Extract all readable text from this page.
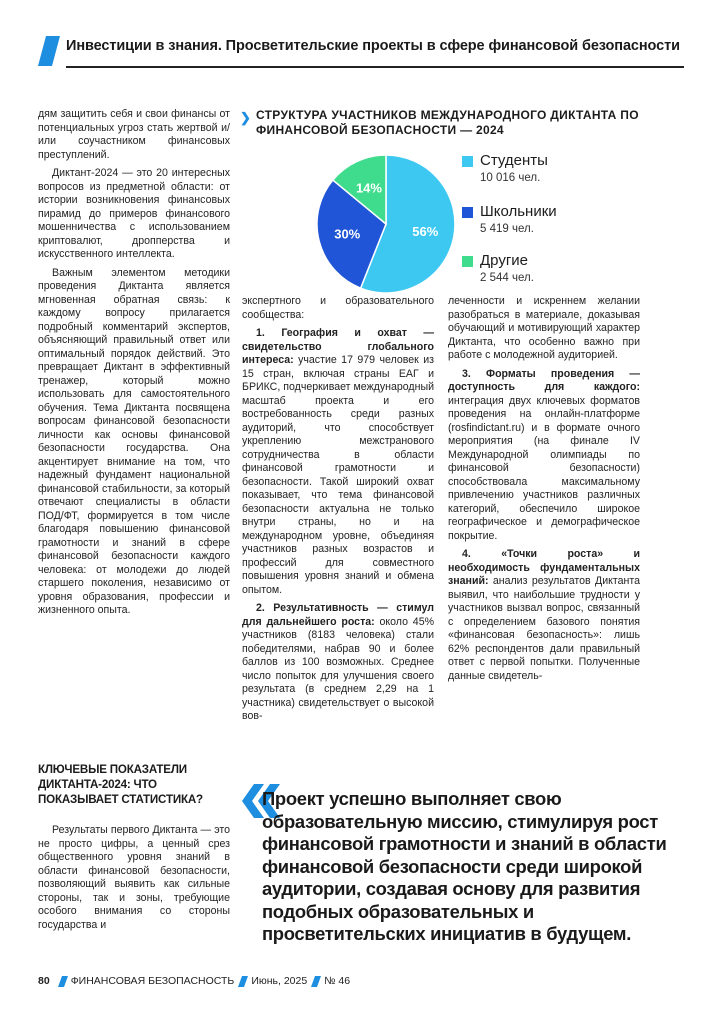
Инвестиции в знания. Просветительские проекты в сфере финансовой безопасности

дям защитить себя и свои финансы от потенциальных угроз стать жертвой и/или соучастником финансовых преступлений.

Диктант-2024 — это 20 интересных вопросов из предметной области: от истории возникновения финансовых пирамид до примеров финансового мошенничества с использованием криптовалют, дропперства и искусственного интеллекта.

Важным элементом методики проведения Диктанта является мгновенная обратная связь: к каждому вопросу прилагается подробный комментарий экспертов, объясняющий правильный ответ или оптимальный порядок действий. Это превращает Диктант в эффективный тренажер, который можно использовать для самостоятельного обучения. Тема Диктанта посвящена вопросам финансовой безопасности личности как основы финансовой безопасности государства. Она акцентирует внимание на том, что надежный фундамент национальной финансовой стабильности, за который отвечают специалисты в области ПОД/ФТ, формируется в том числе благодаря повышению финансовой грамотности и знаний в сфере финансовой безопасности каждого человека: от молодежи до людей старшего поколения, независимо от уровня образования, профессии и жизненного опыта.

КЛЮЧЕВЫЕ ПОКАЗАТЕЛИ ДИКТАНТА-2024: ЧТО ПОКАЗЫВАЕТ СТАТИСТИКА?

Результаты первого Диктанта — это не просто цифры, а ценный срез общественного уровня знаний в области финансовой безопасности, позволяющий выявить как сильные стороны, так и зоны, требующие особого внимания со стороны государства и

❯ СТРУКТУРА УЧАСТНИКОВ МЕЖДУНАРОДНОГО ДИКТАНТА ПО ФИНАНСОВОЙ БЕЗОПАСНОСТИ — 2024
56%
30%
14%
Студенты
10 016 чел.
Школьники
5 419 чел.
Другие
2 544 чел.

экспертного и образовательного сообщества:

1. География и охват — свидетельство глобального интереса: участие 17 979 человек из 15 стран, включая страны ЕАГ и БРИКС, подчеркивает международный масштаб проекта и его востребованность среди разных аудиторий, что способствует укреплению межстранового сотрудничества в области финансовой грамотности и безопасности. Такой широкий охват показывает, что тема финансовой безопасности актуальна не только внутри страны, но и на международном уровне, объединяя участников разных возрастов и профессий для совместного повышения уровня знаний и обмена опытом.

2. Результативность — стимул для дальнейшего роста: около 45% участников (8183 человека) стали победителями, набрав 90 и более баллов из 100 возможных. Среднее число попыток для улучшения своего результата (в среднем 2,29 на 1 участника) свидетельствует о высокой вов-

леченности и искреннем желании разобраться в материале, доказывая обучающий и мотивирующий характер Диктанта, что особенно важно при работе с молодежной аудиторией.

3. Форматы проведения — доступность для каждого: интеграция двух ключевых форматов проведения на онлайн-платформе (rosfindictant.ru) и в формате очного мероприятия (на финале IV Международной олимпиады по финансовой безопасности) способствовала максимальному привлечению участников различных категорий, обеспечило широкое географическое и демографическое покрытие.

4. «Точки роста» и необходимость фундаментальных знаний: анализ результатов Диктанта выявил, что наибольшие трудности у участников вызвал вопрос, связанный с определением базового понятия «финансовая безопасность»: лишь 62% респондентов дали правильный ответ с первой попытки. Полученные данные свидетель-

Проект успешно выполняет свою образовательную миссию, стимулируя рост финансовой грамотности и знаний в области финансовой безопасности среди широкой аудитории, создавая основу для развития подобных образовательных и просветительских инициатив в будущем.
80 ФИНАНСОВАЯ БЕЗОПАСНОСТЬ Июнь, 2025 № 46
